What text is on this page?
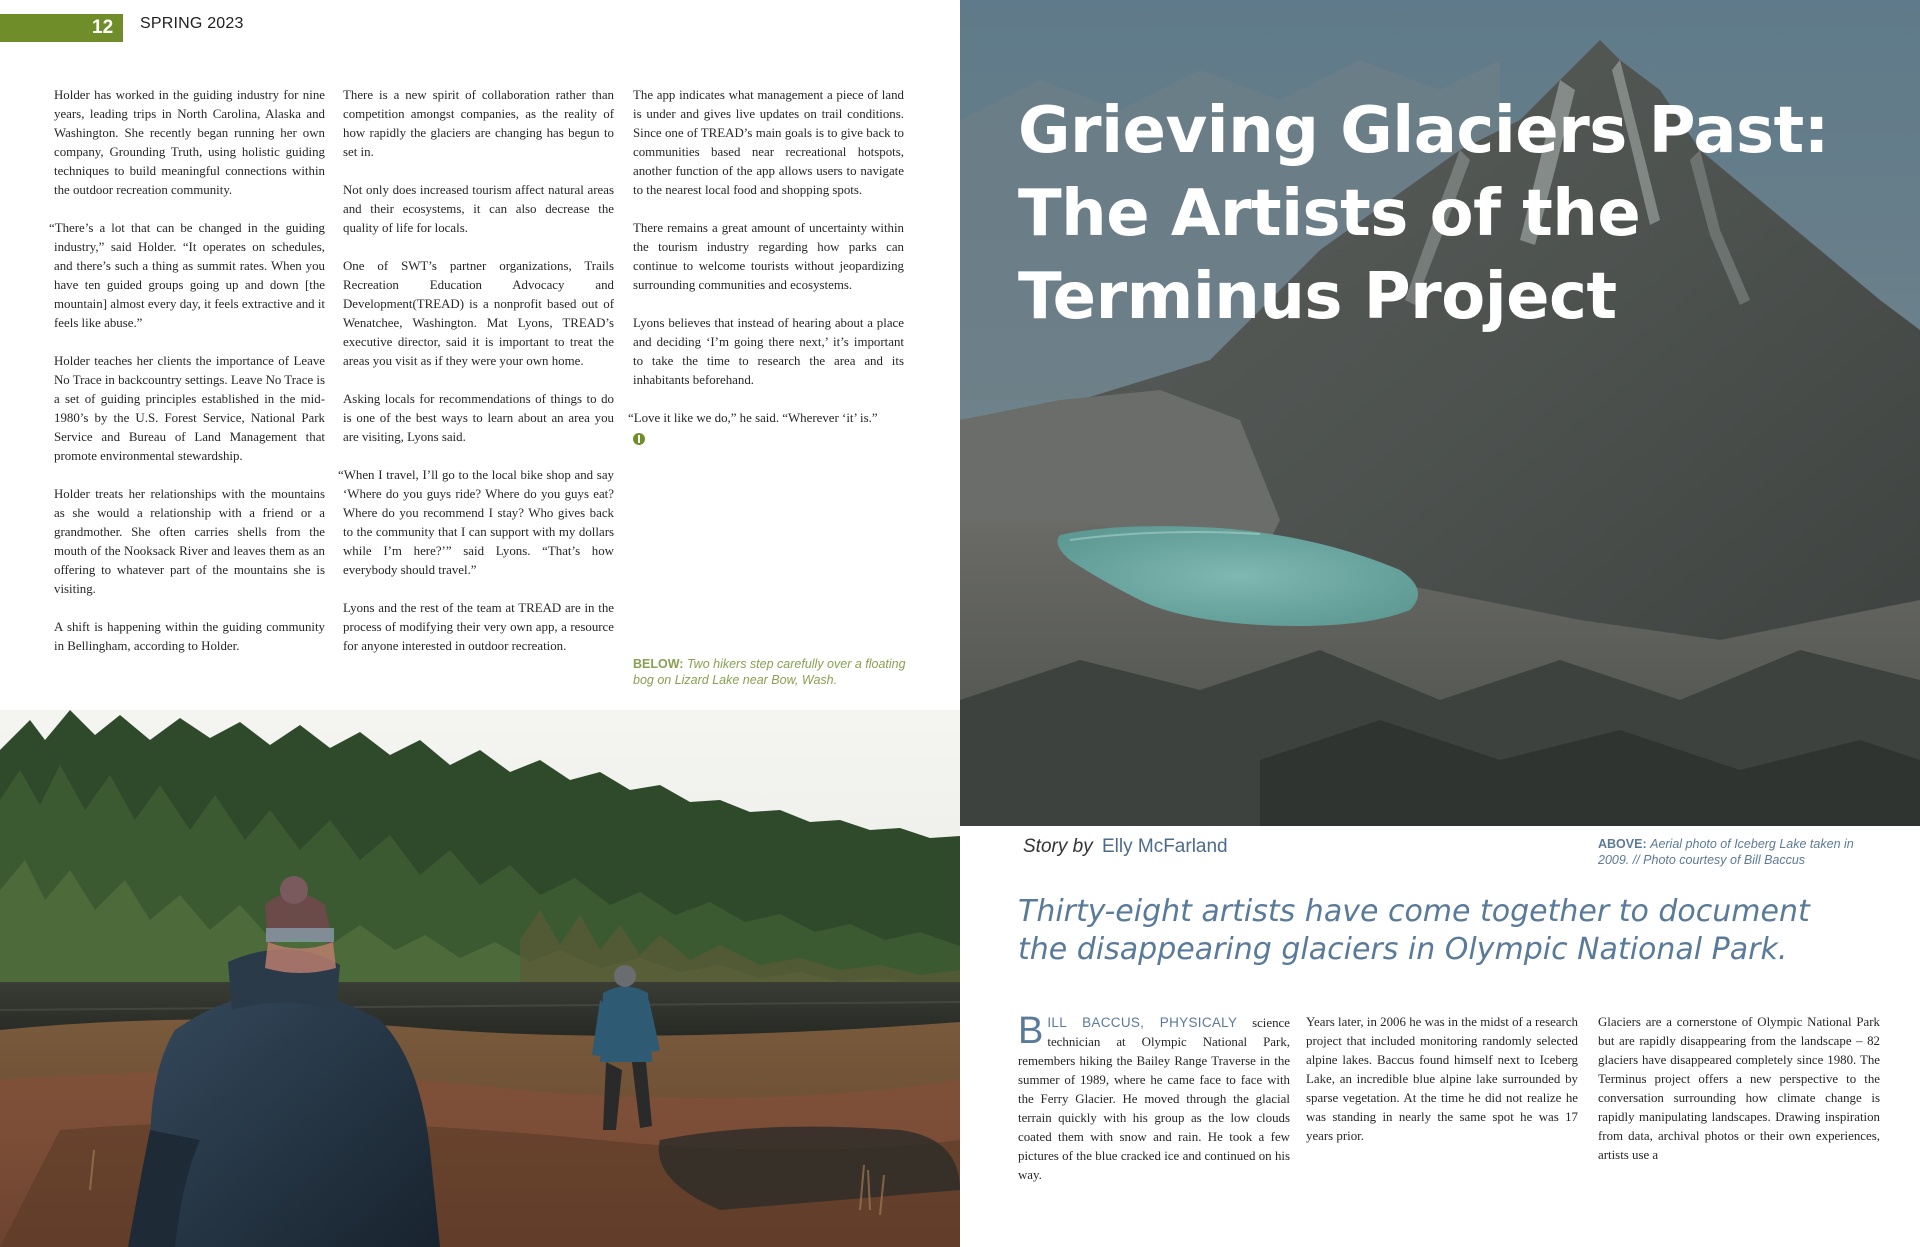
12 SPRING 2023

Holder has worked in the guiding industry for nine years, leading trips in North Carolina, Alaska and Washington. She recently began running her own company, Grounding Truth, using holistic guiding techniques to build meaningful connections within the outdoor recreation community.

“There’s a lot that can be changed in the guiding industry,” said Holder. “It operates on schedules, and there’s such a thing as summit rates. When you have ten guided groups going up and down [the mountain] almost every day, it feels extractive and it feels like abuse.”

Holder teaches her clients the importance of Leave No Trace in backcountry settings. Leave No Trace is a set of guiding principles established in the mid-1980’s by the U.S. Forest Service, National Park Service and Bureau of Land Management that promote environmental stewardship.

Holder treats her relationships with the mountains as she would a relationship with a friend or a grandmother. She often carries shells from the mouth of the Nooksack River and leaves them as an offering to whatever part of the mountains she is visiting.

A shift is happening within the guiding community in Bellingham, according to Holder.

There is a new spirit of collaboration rather than competition amongst companies, as the reality of how rapidly the glaciers are changing has begun to set in.

Not only does increased tourism affect natural areas and their ecosystems, it can also decrease the quality of life for locals.

One of SWT’s partner organizations, Trails Recreation Education Advocacy and Development(TREAD) is a nonprofit based out of Wenatchee, Washington. Mat Lyons, TREAD’s executive director, said it is important to treat the areas you visit as if they were your own home.

Asking locals for recommendations of things to do is one of the best ways to learn about an area you are visiting, Lyons said.

“When I travel, I’ll go to the local bike shop and say ‘Where do you guys ride? Where do you guys eat? Where do you recommend I stay? Who gives back to the community that I can support with my dollars while I’m here?’” said Lyons. “That’s how everybody should travel.”

Lyons and the rest of the team at TREAD are in the process of modifying their very own app, a resource for anyone interested in outdoor recreation.

The app indicates what management a piece of land is under and gives live updates on trail conditions. Since one of TREAD’s main goals is to give back to communities based near recreational hotspots, another function of the app allows users to navigate to the nearest local food and shopping spots.

There remains a great amount of uncertainty within the tourism industry regarding how parks can continue to welcome tourists without jeopardizing surrounding communities and ecosystems.

Lyons believes that instead of hearing about a place and deciding ‘I’m going there next,’ it’s important to take the time to research the area and its inhabitants beforehand.

“Love it like we do,” he said. “Wherever ‘it’ is.”

BELOW: Two hikers step carefully over a floating bog on Lizard Lake near Bow, Wash.
Grieving Glaciers Past:
The Artists of the
Terminus Project
Story by Elly McFarland	ABOVE: Aerial photo of Iceberg Lake taken in 2009. // Photo courtesy of Bill Baccus

Thirty-eight artists have come together to document the disappearing glaciers in Olympic National Park.

BILL BACCUS, PHYSICALY science technician at Olympic National Park, remembers hiking the Bailey Range Traverse in the summer of 1989, where he came face to face with the Ferry Glacier. He moved through the glacial terrain quickly with his group as the low clouds coated them with snow and rain. He took a few pictures of the blue cracked ice and continued on his way.

Years later, in 2006 he was in the midst of a research project that included monitoring randomly selected alpine lakes. Baccus found himself next to Iceberg Lake, an incredible blue alpine lake surrounded by sparse vegetation. At the time he did not realize he was standing in nearly the same spot he was 17 years prior.

Glaciers are a cornerstone of Olympic National Park but are rapidly disappearing from the landscape – 82 glaciers have disappeared completely since 1980. The Terminus project offers a new perspective to the conversation surrounding how climate change is rapidly manipulating landscapes. Drawing inspiration from data, archival photos or their own experiences, artists use a
